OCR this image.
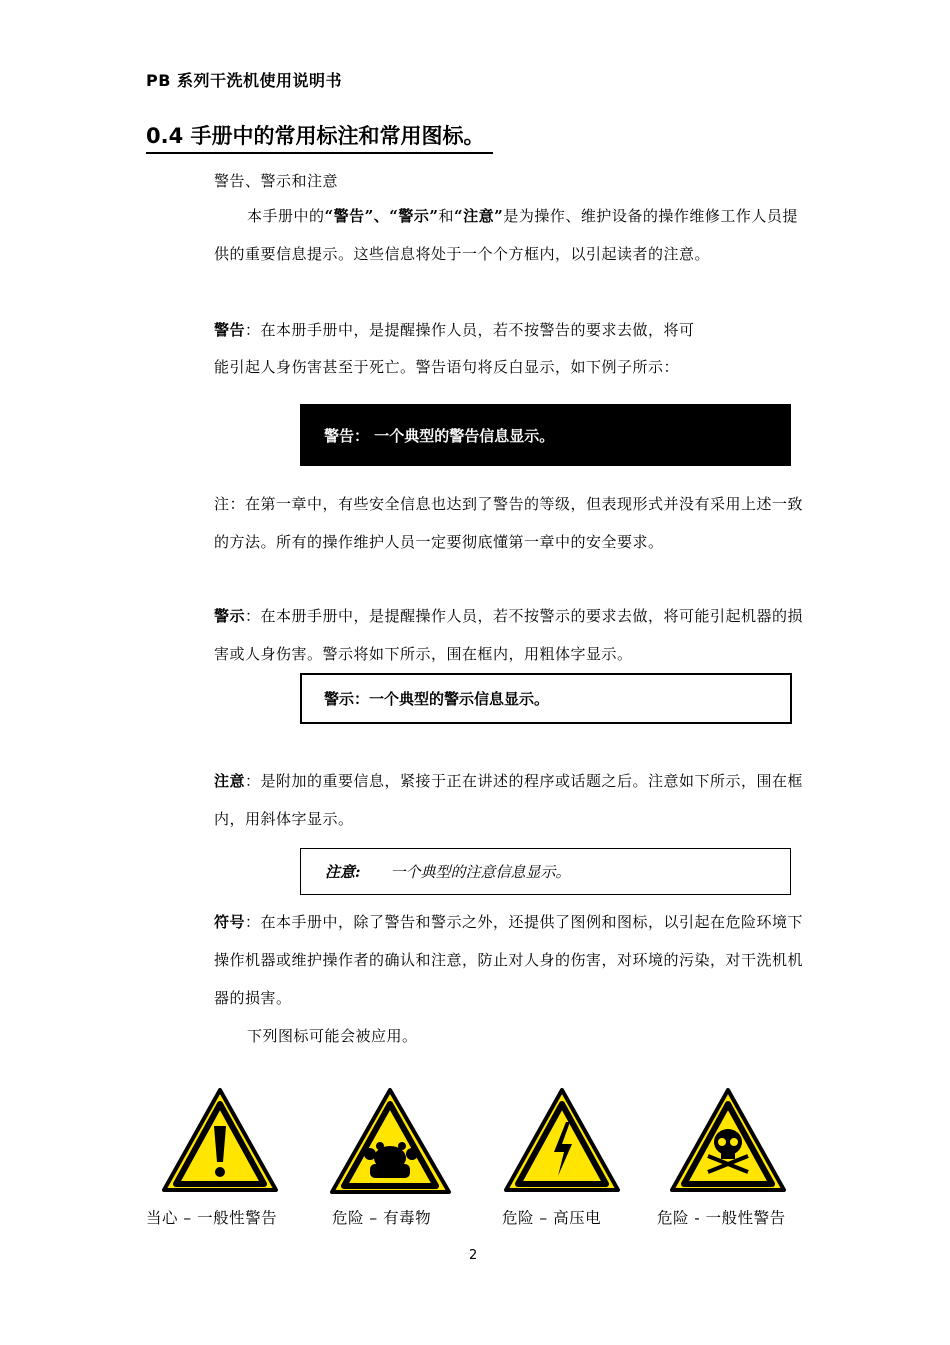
PB 系列干洗机使用说明书
0.4 手册中的常用标注和常用图标。
警告、警示和注意
本手册中的“警告”、“警示”和“注意”是为操作、维护设备的操作维修工作人员提供的重要信息提示。这些信息将处于一个个方框内，以引起读者的注意。
警告：在本册手册中，是提醒操作人员，若不按警告的要求去做，将可
能引起人身伤害甚至于死亡。警告语句将反白显示，如下例子所示：
警告： 一个典型的警告信息显示。
注：在第一章中，有些安全信息也达到了警告的等级，但表现形式并没有采用上述一致的方法。所有的操作维护人员一定要彻底懂第一章中的安全要求。
警示：在本册手册中，是提醒操作人员，若不按警示的要求去做，将可能引起机器的损害或人身伤害。警示将如下所示，围在框内，用粗体字显示。
警示：一个典型的警示信息显示。
注意：是附加的重要信息，紧接于正在讲述的程序或话题之后。注意如下所示，围在框内，用斜体字显示。
注意: 一个典型的注意信息显示。
符号：在本手册中，除了警告和警示之外，还提供了图例和图标，以引起在危险环境下操作机器或维护操作者的确认和注意，防止对人身的伤害，对环境的污染，对干洗机机器的损害。
下列图标可能会被应用。
当心 – 一般性警告	危险 – 有毒物	危险 – 高压电	危险 - 一般性警告
2
